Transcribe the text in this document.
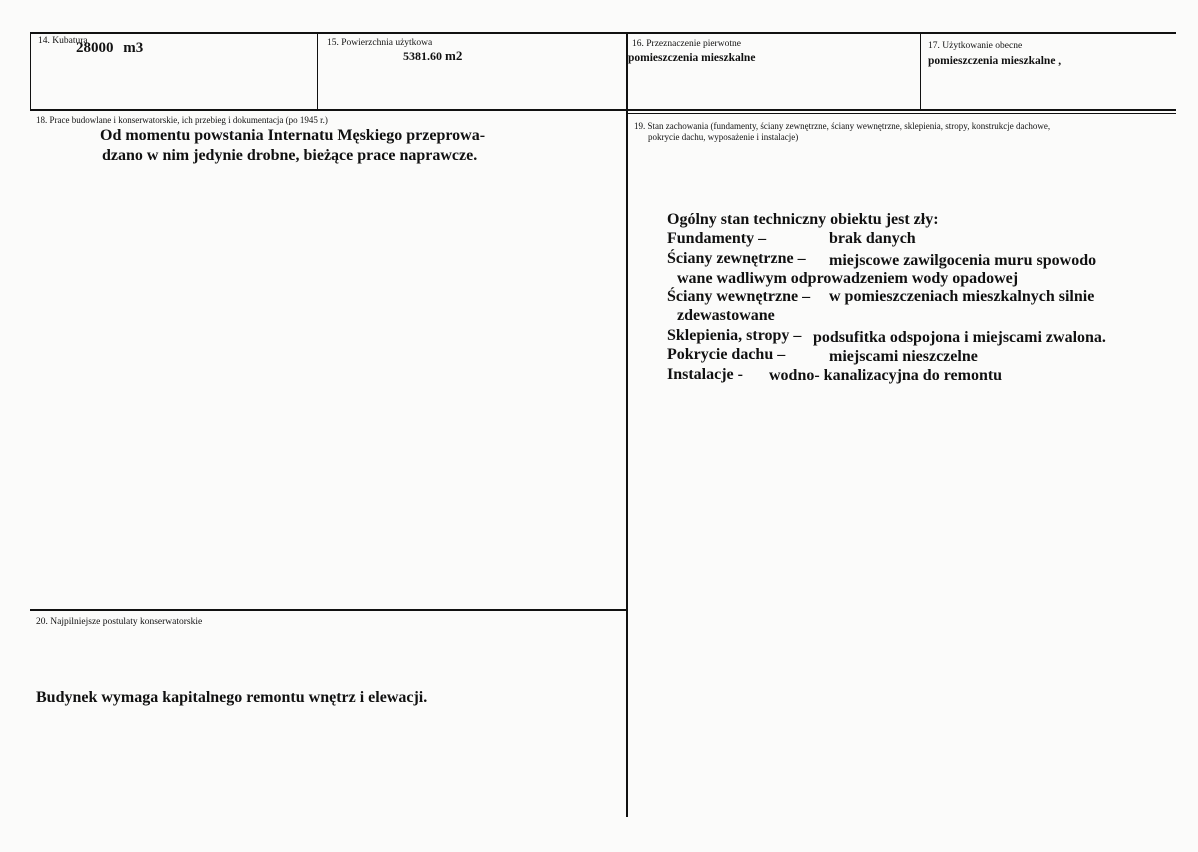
14. Kubatura
28000 m3	15. Powierzchnia użytkowa
5381.60 m2
16. Przeznaczenie pierwotne
pomieszczenia mieszkalne
17. Użytkowanie obecne
pomieszczenia mieszkalne ,
18. Prace budowlane i konserwatorskie, ich przebieg i dokumentacja (po 1945 r.)
Od momentu powstania Internatu Męskiego przeprowa-
dzano w nim jedynie drobne, bieżące prace naprawcze.
19. Stan zachowania (fundamenty, ściany zewnętrzne, ściany wewnętrzne, sklepienia, stropy, konstrukcje dachowe,
pokrycie dachu, wyposażenie i instalacje)
Ogólny stan techniczny obiektu jest zły:
Fundamenty –	brak danych
Ściany zewnętrzne – miejscowe zawilgocenia muru spowodo
wane wadliwym odprowadzeniem wody opadowej
Ściany wewnętrzne – w pomieszczeniach mieszkalnych silnie
zdewastowane
Sklepienia, stropy – podsufitka odspojona i miejscami zwalona.
Pokrycie dachu –	miejscami nieszczelne
Instalacje - wodno- kanalizacyjna do remontu
20. Najpilniejsze postulaty konserwatorskie
Budynek wymaga kapitalnego remontu wnętrz i elewacji.
